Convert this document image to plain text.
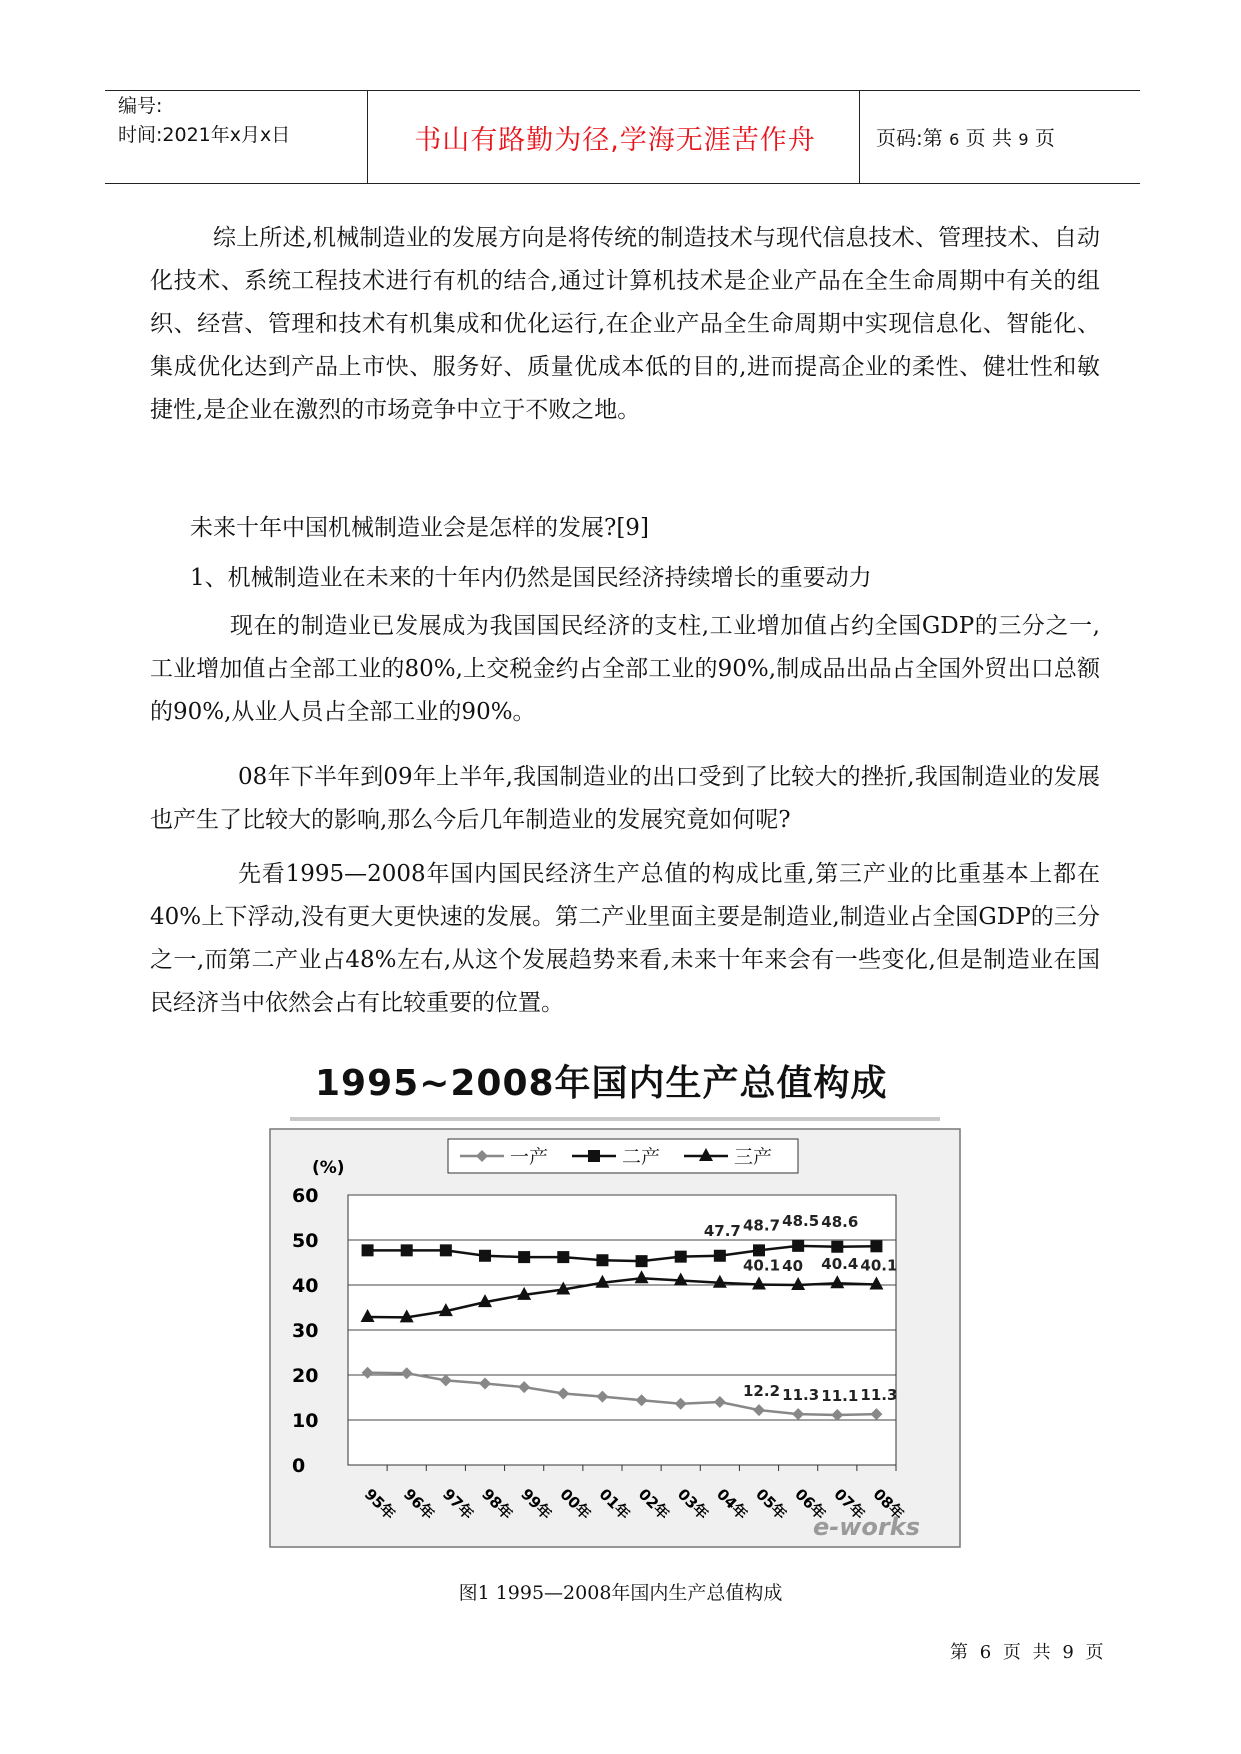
编号:
时间:2021年x月x日	书山有路勤为径,学海无涯苦作舟	页码:第 6 页 共 9 页
综上所述,机械制造业的发展方向是将传统的制造技术与现代信息技术、管理技术、自动化技术、系统工程技术进行有机的结合,通过计算机技术是企业产品在全生命周期中有关的组织、经营、管理和技术有机集成和优化运行,在企业产品全生命周期中实现信息化、智能化、集成优化达到产品上市快、服务好、质量优成本低的目的,进而提高企业的柔性、健壮性和敏捷性,是企业在激烈的市场竞争中立于不败之地。
未来十年中国机械制造业会是怎样的发展?[9]
1、机械制造业在未来的十年内仍然是国民经济持续增长的重要动力
现在的制造业已发展成为我国国民经济的支柱,工业增加值占约全国GDP的三分之一,工业增加值占全部工业的80%,上交税金约占全部工业的90%,制成品出品占全国外贸出口总额的90%,从业人员占全部工业的90%。
08年下半年到09年上半年,我国制造业的出口受到了比较大的挫折,我国制造业的发展也产生了比较大的影响,那么今后几年制造业的发展究竟如何呢?
先看1995—2008年国内国民经济生产总值的构成比重,第三产业的比重基本上都在40%上下浮动,没有更大更快速的发展。第二产业里面主要是制造业,制造业占全国GDP的三分之一,而第二产业占48%左右,从这个发展趋势来看,未来十年来会有一些变化,但是制造业在国民经济当中依然会占有比较重要的位置。
1995~2008年国内生产总值构成
(%)
0
10
20
30
40
50
60
95年 96年 97年 98年 99年 00年 01年 02年 03年 04年 05年 06年 07年 08年
12.2 11.3 11.1 11.3
47.7 48.7 48.5 48.6
40.1 40 40.4 40.1
一产	二产	三产
e-works
图1 1995—2008年国内生产总值构成
第 6 页 共 9 页
